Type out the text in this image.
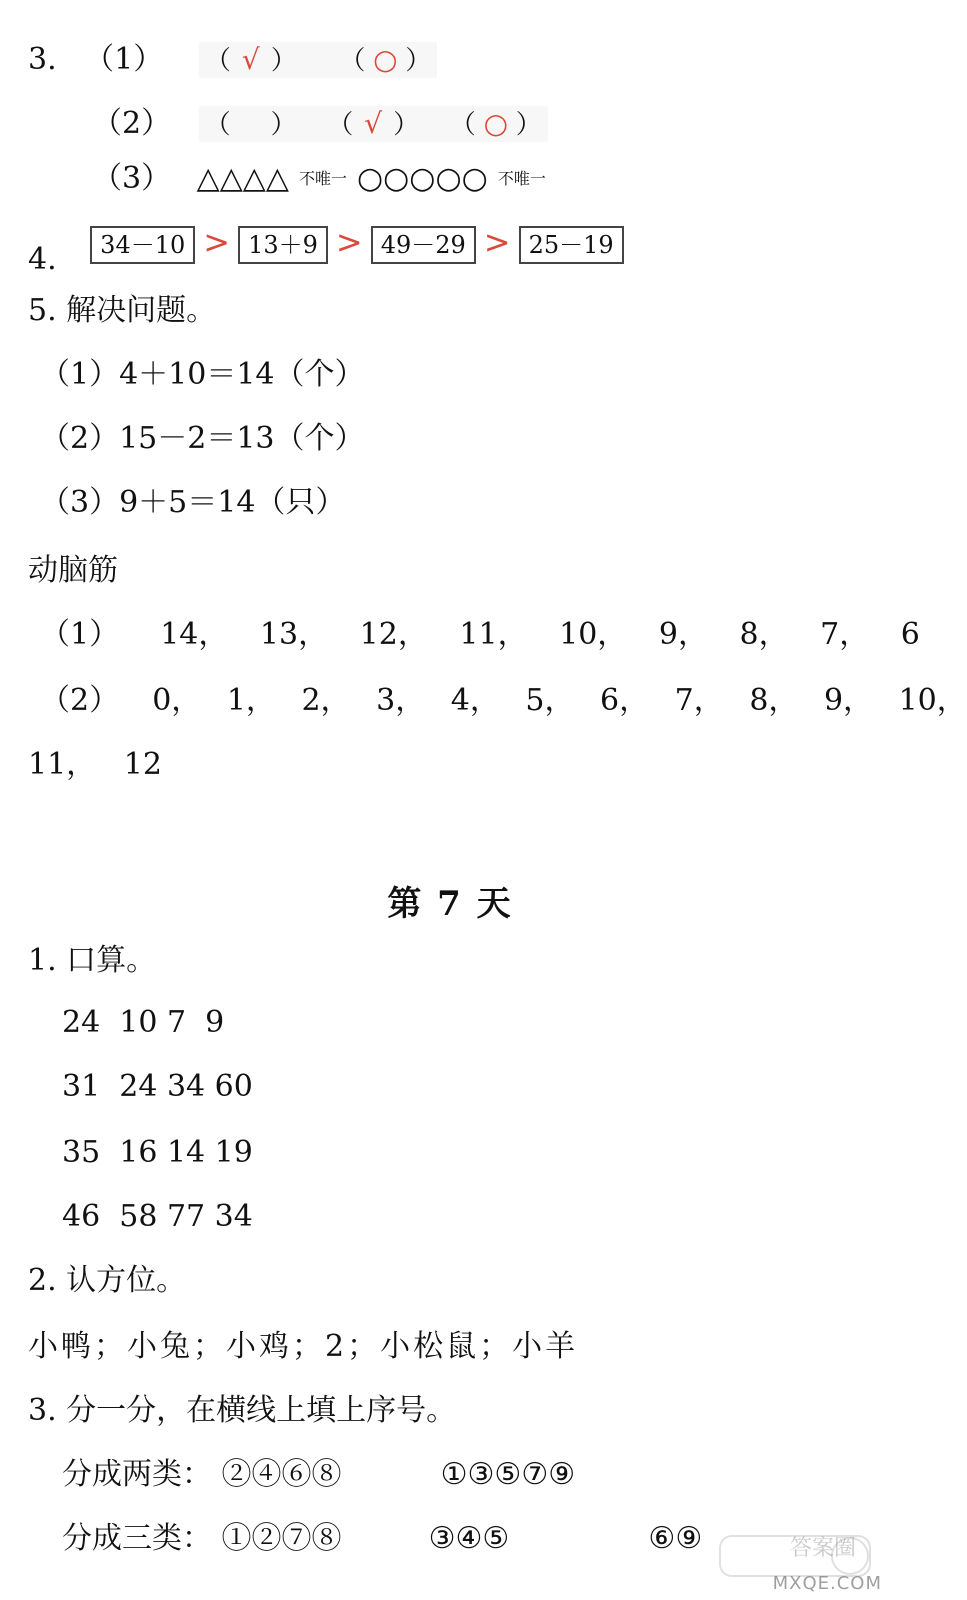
3. （1） （ √ ） （ ○ ）
（2） （ ） （ √ ） （ ○ ）
（3） △△△△ 不唯一 ○○○○○ 不唯一
4. 34－10 > 13＋9 > 49－29 > 25－19
5. 解决问题。
（1）4＋10＝14（个）
（2）15－2＝13（个）
（3）9＋5＝14（只）
动脑筋
（1） 14， 13， 12， 11， 10， 9， 8， 7， 6
（2） 0， 1， 2， 3， 4， 5， 6， 7， 8， 9， 10，
11， 12
第 7 天
1. 口算。
24  10 7  9
31  24 34 60
35  16 14 19
46  58 77 34
2. 认方位。
小鸭；小兔；小鸡；2；小松鼠；小羊
3. 分一分，在横线上填上序号。
分成两类： ②④⑥⑧	①③⑤⑦⑨
分成三类： ①②⑦⑧	③④⑤	⑥⑨
MXQE.COM
答案圈
